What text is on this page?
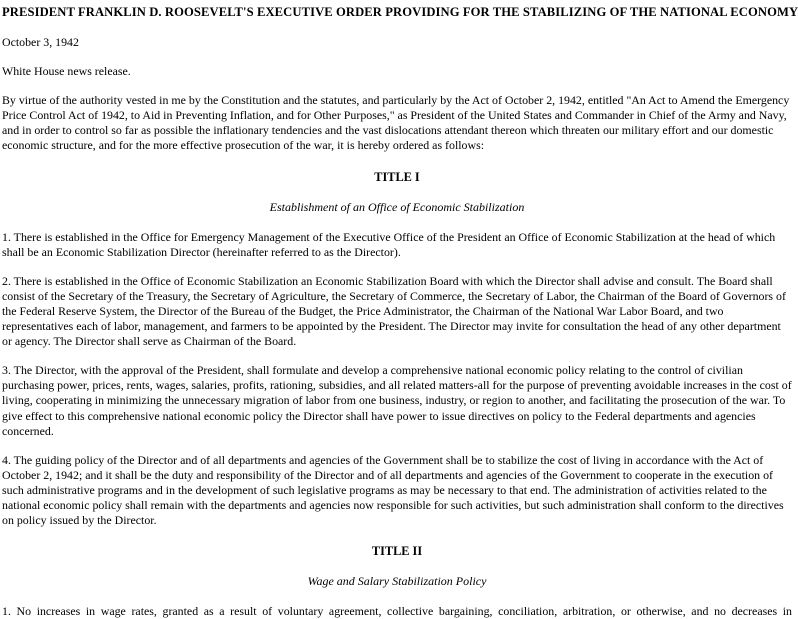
PRESIDENT FRANKLIN D. ROOSEVELT'S EXECUTIVE ORDER PROVIDING FOR THE STABILIZING OF THE NATIONAL ECONOMY

October 3, 1942

White House news release.

By virtue of the authority vested in me by the Constitution and the statutes, and particularly by the Act of October 2, 1942, entitled "An Act to Amend the Emergency Price Control Act of 1942, to Aid in Preventing Inflation, and for Other Purposes," as President of the United States and Commander in Chief of the Army and Navy, and in order to control so far as possible the inflationary tendencies and the vast dislocations attendant thereon which threaten our military effort and our domestic economic structure, and for the more effective prosecution of the war, it is hereby ordered as follows:

TITLE I
Establishment of an Office of Economic Stabilization

1. There is established in the Office for Emergency Management of the Executive Office of the President an Office of Economic Stabilization at the head of which shall be an Economic Stabilization Director (hereinafter referred to as the Director).

2. There is established in the Office of Economic Stabilization an Economic Stabilization Board with which the Director shall advise and consult. The Board shall consist of the Secretary of the Treasury, the Secretary of Agriculture, the Secretary of Commerce, the Secretary of Labor, the Chairman of the Board of Governors of the Federal Reserve System, the Director of the Bureau of the Budget, the Price Administrator, the Chairman of the National War Labor Board, and two representatives each of labor, management, and farmers to be appointed by the President. The Director may invite for consultation the head of any other department or agency. The Director shall serve as Chairman of the Board.

3. The Director, with the approval of the President, shall formulate and develop a comprehensive national economic policy relating to the control of civilian purchasing power, prices, rents, wages, salaries, profits, rationing, subsidies, and all related matters-all for the purpose of preventing avoidable increases in the cost of living, cooperating in minimizing the unnecessary migration of labor from one business, industry, or region to another, and facilitating the prosecution of the war. To give effect to this comprehensive national economic policy the Director shall have power to issue directives on policy to the Federal departments and agencies concerned.

4. The guiding policy of the Director and of all departments and agencies of the Government shall be to stabilize the cost of living in accordance with the Act of October 2, 1942; and it shall be the duty and responsibility of the Director and of all departments and agencies of the Government to cooperate in the execution of such administrative programs and in the development of such legislative programs as may be necessary to that end. The administration of activities related to the national economic policy shall remain with the departments and agencies now responsible for such activities, but such administration shall conform to the directives on policy issued by the Director.

TITLE II
Wage and Salary Stabilization Policy

1. No increases in wage rates, granted as a result of voluntary agreement, collective bargaining, conciliation, arbitration, or otherwise, and no decreases in
